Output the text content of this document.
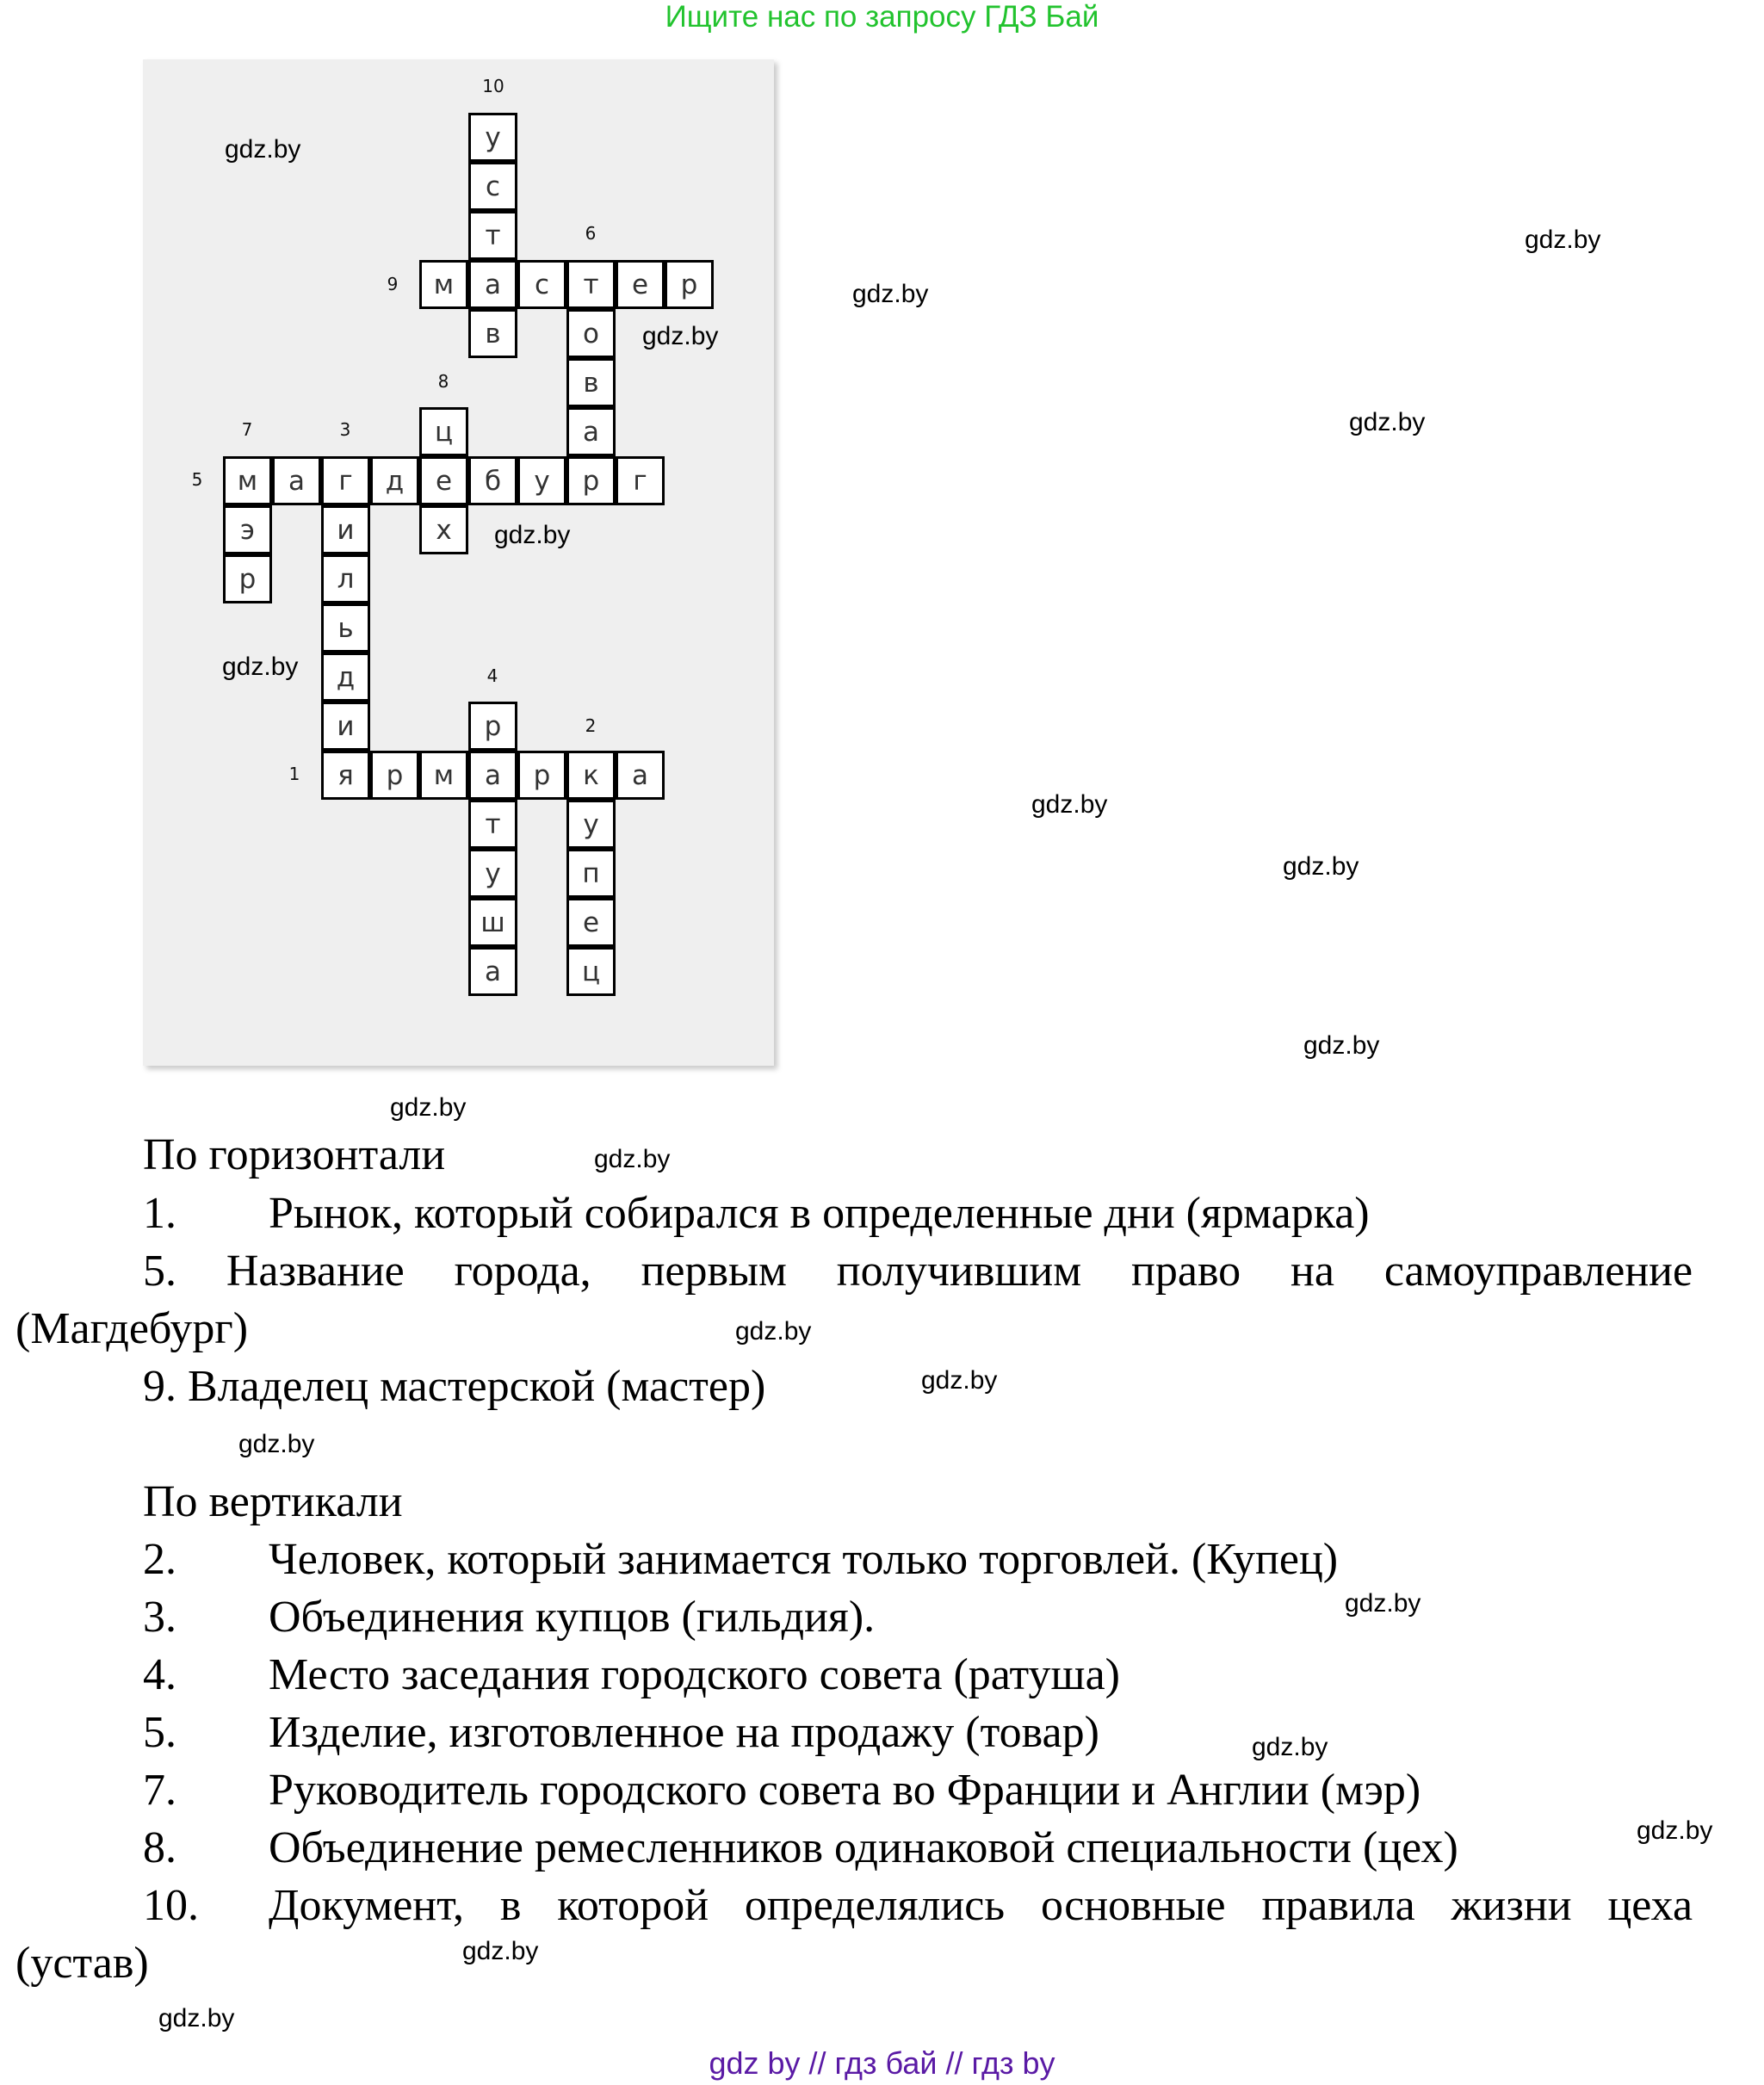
Ищите нас по запросу ГДЗ Бай
м	а	с	т	е	р
м	а	г	д	е	б	у	р	г
я	р	м	а	р	к	а
у
с
т
в	о
в
а
ц
х
э
р
и
л
ь
д
и	р
т
у
ш
а
у
п
е
ц
10
6
9
8
7	3
5
4
2
1
gdz.by
gdz.by
gdz.by
gdz.by
gdz.by
gdz.by
gdz.by
gdz.by
gdz.by
gdz.by
gdz.by
gdz.by
gdz.by
gdz.by
gdz.by
gdz.by
gdz.by
gdz.by
gdz.by
gdz.by
По горизонтали
1. Рынок, который собирался в определенные дни (ярмарка)
5. Название города, первым получившим право на самоуправление
(Магдебург)
9. Владелец мастерской (мастер)
По вертикали
2. Человек, который занимается только торговлей. (Купец)
3. Объединения купцов (гильдия).
4. Место заседания городского совета (ратуша)
5. Изделие, изготовленное на продажу (товар)
7. Руководитель городского совета во Франции и Англии (мэр)
8. Объединение ремесленников одинаковой специальности (цех)
10. Документ, в которой определялись основные правила жизни цеха
(устав)
gdz by // гдз бай // гдз by
